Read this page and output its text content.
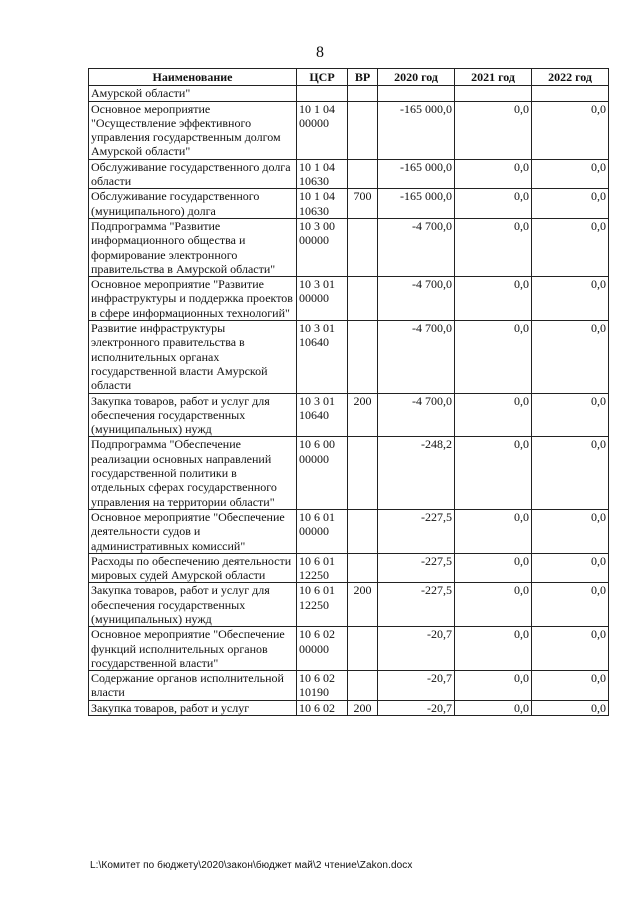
8
Наименование	ЦСР	ВР	2020 год	2021 год	2022 год
Амурской области"					
Основное мероприятие "Осуществление эффективного управления государственным долгом Амурской области"	10 1 04 00000		-165 000,0	0,0	0,0
Обслуживание государственного долга области	10 1 04 10630		-165 000,0	0,0	0,0
Обслуживание государственного (муниципального) долга	10 1 04 10630	700	-165 000,0	0,0	0,0
Подпрограмма "Развитие информационного общества и формирование электронного правительства в Амурской области"	10 3 00 00000		-4 700,0	0,0	0,0
Основное мероприятие "Развитие инфраструктуры и поддержка проектов в сфере информационных технологий"	10 3 01 00000		-4 700,0	0,0	0,0
Развитие инфраструктуры электронного правительства в исполнительных органах государственной власти Амурской области	10 3 01 10640		-4 700,0	0,0	0,0
Закупка товаров, работ и услуг для обеспечения государственных (муниципальных) нужд	10 3 01 10640	200	-4 700,0	0,0	0,0
Подпрограмма "Обеспечение реализации основных направлений государственной политики в отдельных сферах государственного управления на территории области"	10 6 00 00000		-248,2	0,0	0,0
Основное мероприятие "Обеспечение деятельности судов и административных комиссий"	10 6 01 00000		-227,5	0,0	0,0
Расходы по обеспечению деятельности мировых судей Амурской области	10 6 01 12250		-227,5	0,0	0,0
Закупка товаров, работ и услуг для обеспечения государственных (муниципальных) нужд	10 6 01 12250	200	-227,5	0,0	0,0
Основное мероприятие "Обеспечение функций исполнительных органов государственной власти"	10 6 02 00000		-20,7	0,0	0,0
Содержание органов исполнительной власти	10 6 02 10190		-20,7	0,0	0,0
Закупка товаров, работ и услуг	10 6 02	200	-20,7	0,0	0,0
L:\Комитет по бюджету\2020\закон\бюджет май\2 чтение\Zakon.docx
